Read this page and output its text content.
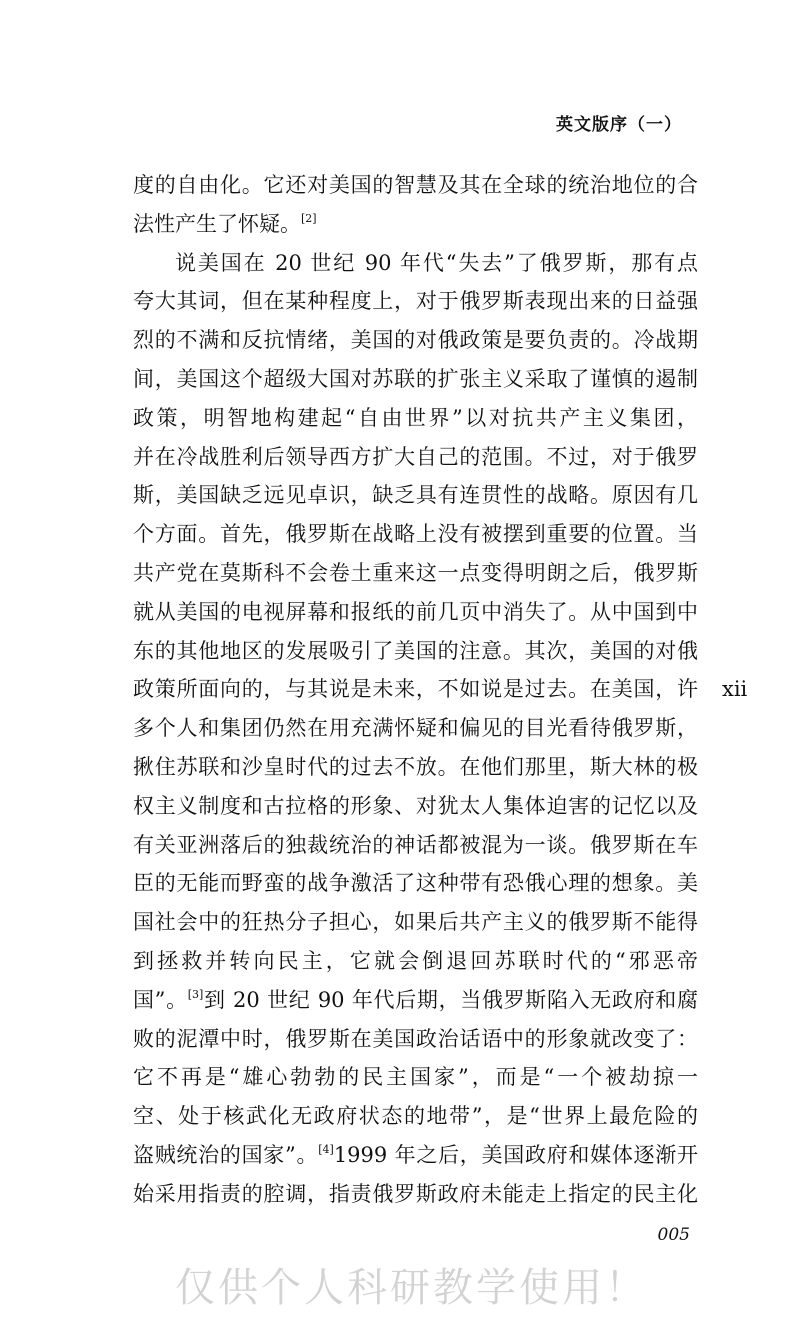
英文版序（一）
度的自由化。它还对美国的智慧及其在全球的统治地位的合
法性产生了怀疑。[2]
说美国在 20 世纪 90 年代“失去”了俄罗斯，那有点
夸大其词，但在某种程度上，对于俄罗斯表现出来的日益强
烈的不满和反抗情绪，美国的对俄政策是要负责的。冷战期
间，美国这个超级大国对苏联的扩张主义采取了谨慎的遏制
政策，明智地构建起“自由世界”以对抗共产主义集团，
并在冷战胜利后领导西方扩大自己的范围。不过，对于俄罗
斯，美国缺乏远见卓识，缺乏具有连贯性的战略。原因有几
个方面。首先，俄罗斯在战略上没有被摆到重要的位置。当
共产党在莫斯科不会卷土重来这一点变得明朗之后，俄罗斯
就从美国的电视屏幕和报纸的前几页中消失了。从中国到中
东的其他地区的发展吸引了美国的注意。其次，美国的对俄
政策所面向的，与其说是未来，不如说是过去。在美国，许
多个人和集团仍然在用充满怀疑和偏见的目光看待俄罗斯，
揪住苏联和沙皇时代的过去不放。在他们那里，斯大林的极
权主义制度和古拉格的形象、对犹太人集体迫害的记忆以及
有关亚洲落后的独裁统治的神话都被混为一谈。俄罗斯在车
臣的无能而野蛮的战争激活了这种带有恐俄心理的想象。美
国社会中的狂热分子担心，如果后共产主义的俄罗斯不能得
到拯救并转向民主，它就会倒退回苏联时代的“邪恶帝
国”。[3]到 20 世纪 90 年代后期，当俄罗斯陷入无政府和腐
败的泥潭中时，俄罗斯在美国政治话语中的形象就改变了：
它不再是“雄心勃勃的民主国家”，而是“一个被劫掠一
空、处于核武化无政府状态的地带”，是“世界上最危险的
盗贼统治的国家”。[4]1999 年之后，美国政府和媒体逐渐开
始采用指责的腔调，指责俄罗斯政府未能走上指定的民主化
xii
005
仅供个人科研教学使用！
